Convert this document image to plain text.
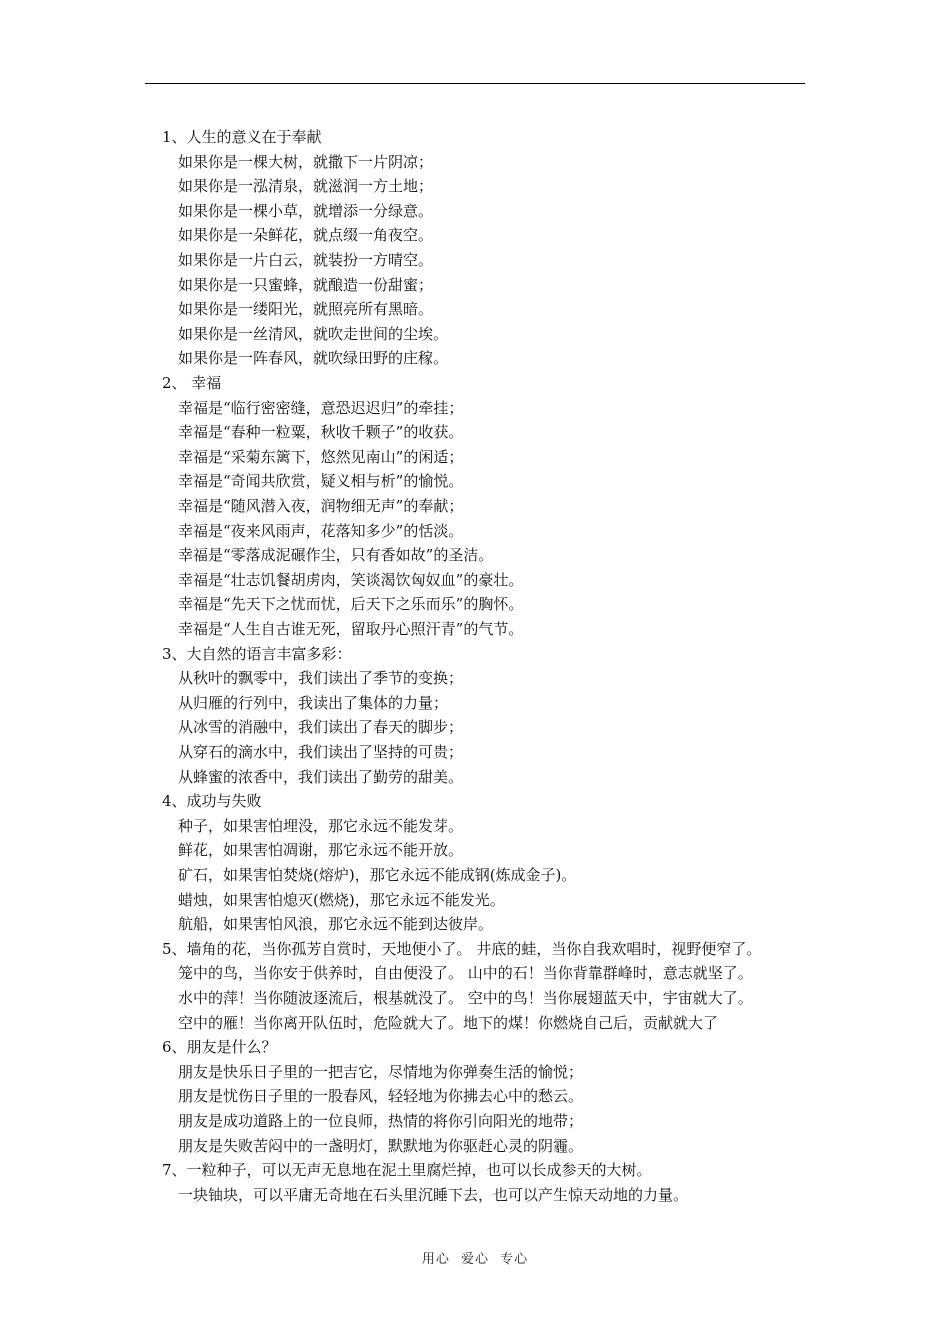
1、人生的意义在于奉献
如果你是一棵大树，就撒下一片阴凉；
如果你是一泓清泉，就滋润一方土地；
如果你是一棵小草，就增添一分绿意。
如果你是一朵鲜花，就点缀一角夜空。
如果你是一片白云，就装扮一方晴空。
如果你是一只蜜蜂，就酿造一份甜蜜；
如果你是一缕阳光，就照亮所有黑暗。
如果你是一丝清风，就吹走世间的尘埃。
如果你是一阵春风，就吹绿田野的庄稼。
2、 幸福
幸福是“临行密密缝，意恐迟迟归”的牵挂；
幸福是“春种一粒粟，秋收千颗子”的收获。
幸福是“采菊东篱下，悠然见南山”的闲适；
幸福是“奇闻共欣赏，疑义相与析”的愉悦。
幸福是“随风潜入夜，润物细无声”的奉献；
幸福是“夜来风雨声，花落知多少”的恬淡。
幸福是“零落成泥碾作尘，只有香如故”的圣洁。
幸福是“壮志饥餐胡虏肉，笑谈渴饮匈奴血”的豪壮。
幸福是“先天下之忧而忧，后天下之乐而乐”的胸怀。
幸福是“人生自古谁无死，留取丹心照汗青”的气节。
3、大自然的语言丰富多彩：
从秋叶的飘零中，我们读出了季节的变换；
从归雁的行列中，我读出了集体的力量；
从冰雪的消融中，我们读出了春天的脚步；
从穿石的滴水中，我们读出了坚持的可贵；
从蜂蜜的浓香中，我们读出了勤劳的甜美。
4、成功与失败
种子，如果害怕埋没，那它永远不能发芽。
鲜花，如果害怕凋谢，那它永远不能开放。
矿石，如果害怕焚烧(熔炉)，那它永远不能成钢(炼成金子)。
蜡烛，如果害怕熄灭(燃烧)，那它永远不能发光。
航船，如果害怕风浪，那它永远不能到达彼岸。
5、墙角的花，当你孤芳自赏时，天地便小了。 井底的蛙，当你自我欢唱时，视野便窄了。
笼中的鸟，当你安于供养时，自由便没了。 山中的石！当你背靠群峰时，意志就坚了。
水中的萍！当你随波逐流后，根基就没了。 空中的鸟！当你展翅蓝天中，宇宙就大了。
空中的雁！当你离开队伍时，危险就大了。地下的煤！你燃烧自己后，贡献就大了
6、朋友是什么？
朋友是快乐日子里的一把吉它，尽情地为你弹奏生活的愉悦；
朋友是忧伤日子里的一股春风，轻轻地为你拂去心中的愁云。
朋友是成功道路上的一位良师，热情的将你引向阳光的地带；
朋友是失败苦闷中的一盏明灯，默默地为你驱赶心灵的阴霾。
7、一粒种子，可以无声无息地在泥土里腐烂掉，也可以长成参天的大树。
一块铀块，可以平庸无奇地在石头里沉睡下去，也可以产生惊天动地的力量。
用心 爱心 专心
